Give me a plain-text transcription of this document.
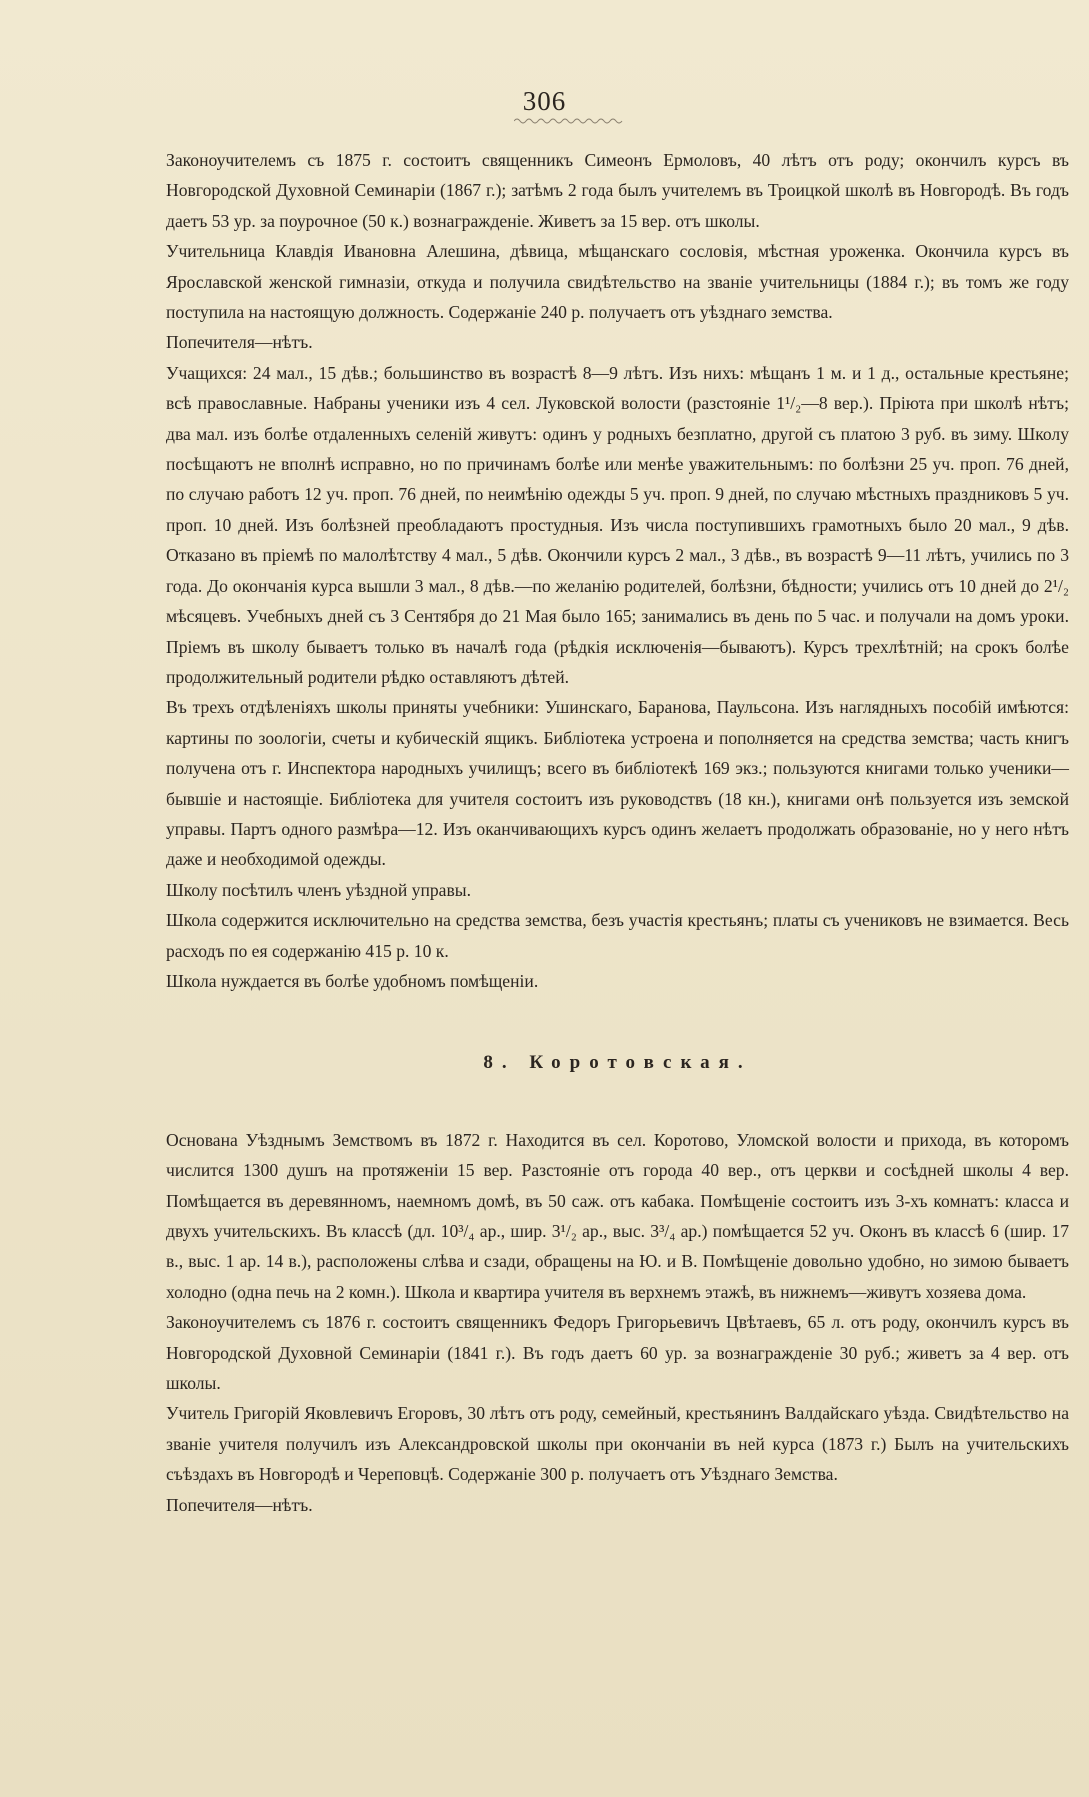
306

Законоучителемъ съ 1875 г. состоитъ священникъ Симеонъ Ермоловъ, 40 лѣтъ отъ роду; окончилъ курсъ въ Новгородской Духовной Семинаріи (1867 г.); затѣмъ 2 года былъ учителемъ въ Троицкой школѣ въ Новгородѣ. Въ годъ даетъ 53 ур. за поурочное (50 к.) вознагражденіе. Живетъ за 15 вер. отъ школы.

Учительница Клавдія Ивановна Алешина, дѣвица, мѣщанскаго сословія, мѣстная уроженка. Окончила курсъ въ Ярославской женской гимназіи, откуда и получила свидѣтельство на званіе учительницы (1884 г.); въ томъ же году поступила на настоящую должность. Содержаніе 240 р. получаетъ отъ уѣзднаго земства.

Попечителя—нѣтъ.

Учащихся: 24 мал., 15 дѣв.; большинство въ возрастѣ 8—9 лѣтъ. Изъ нихъ: мѣщанъ 1 м. и 1 д., остальные крестьяне; всѣ православные. Набраны ученики изъ 4 сел. Луковской волости (разстояніе 1¹/₂—8 вер.). Пріюта при школѣ нѣтъ; два мал. изъ болѣе отдаленныхъ селеній живутъ: одинъ у родныхъ безплатно, другой съ платою 3 руб. въ зиму. Школу посѣщаютъ не вполнѣ исправно, но по причинамъ болѣе или менѣе уважительнымъ: по болѣзни 25 уч. проп. 76 дней, по случаю работъ 12 уч. проп. 76 дней, по неимѣнію одежды 5 уч. проп. 9 дней, по случаю мѣстныхъ праздниковъ 5 уч. проп. 10 дней. Изъ болѣзней преобладаютъ простудныя. Изъ числа поступившихъ грамотныхъ было 20 мал., 9 дѣв. Отказано въ пріемѣ по малолѣтству 4 мал., 5 дѣв. Окончили курсъ 2 мал., 3 дѣв., въ возрастѣ 9—11 лѣтъ, учились по 3 года. До окончанія курса вышли 3 мал., 8 дѣв.—по желанію родителей, болѣзни, бѣдности; учились отъ 10 дней до 2¹/₂ мѣсяцевъ. Учебныхъ дней съ 3 Сентября до 21 Мая было 165; занимались въ день по 5 час. и получали на домъ уроки. Пріемъ въ школу бываетъ только въ началѣ года (рѣдкія исключенія—бываютъ). Курсъ трехлѣтній; на срокъ болѣе продолжительный родители рѣдко оставляютъ дѣтей.

Въ трехъ отдѣленіяхъ школы приняты учебники: Ушинскаго, Баранова, Паульсона. Изъ наглядныхъ пособій имѣются: картины по зоологіи, счеты и кубическій ящикъ. Библіотека устроена и пополняется на средства земства; часть книгъ получена отъ г. Инспектора народныхъ училищъ; всего въ библіотекѣ 169 экз.; пользуются книгами только ученики—бывшіе и настоящіе. Библіотека для учителя состоитъ изъ руководствъ (18 кн.), книгами онѣ пользуется изъ земской управы. Партъ одного размѣра—12. Изъ оканчивающихъ курсъ одинъ желаетъ продолжать образованіе, но у него нѣтъ даже и необходимой одежды.

Школу посѣтилъ членъ уѣздной управы.

Школа содержится исключительно на средства земства, безъ участія крестьянъ; платы съ учениковъ не взимается. Весь расходъ по ея содержанію 415 р. 10 к.

Школа нуждается въ болѣе удобномъ помѣщеніи.

8. Коротовская.

Основана Уѣзднымъ Земствомъ въ 1872 г. Находится въ сел. Коротово, Уломской волости и прихода, въ которомъ числится 1300 душъ на протяженіи 15 вер. Разстояніе отъ города 40 вер., отъ церкви и сосѣдней школы 4 вер. Помѣщается въ деревянномъ, наемномъ домѣ, въ 50 саж. отъ кабака. Помѣщеніе состоитъ изъ 3-хъ комнатъ: класса и двухъ учительскихъ. Въ классѣ (дл. 10³/₄ ар., шир. 3¹/₂ ар., выс. 3³/₄ ар.) помѣщается 52 уч. Оконъ въ классѣ 6 (шир. 17 в., выс. 1 ар. 14 в.), расположены слѣва и сзади, обращены на Ю. и В. Помѣщеніе довольно удобно, но зимою бываетъ холодно (одна печь на 2 комн.). Школа и квартира учителя въ верхнемъ этажѣ, въ нижнемъ—живутъ хозяева дома.

Законоучителемъ съ 1876 г. состоитъ священникъ Федоръ Григорьевичъ Цвѣтаевъ, 65 л. отъ роду, окончилъ курсъ въ Новгородской Духовной Семинаріи (1841 г.). Въ годъ даетъ 60 ур. за вознагражденіе 30 руб.; живетъ за 4 вер. отъ школы.

Учитель Григорій Яковлевичъ Егоровъ, 30 лѣтъ отъ роду, семейный, крестьянинъ Валдайскаго уѣзда. Свидѣтельство на званіе учителя получилъ изъ Александровской школы при окончаніи въ ней курса (1873 г.) Былъ на учительскихъ съѣздахъ въ Новгородѣ и Череповцѣ. Содержаніе 300 р. получаетъ отъ Уѣзднаго Земства.

Попечителя—нѣтъ.
